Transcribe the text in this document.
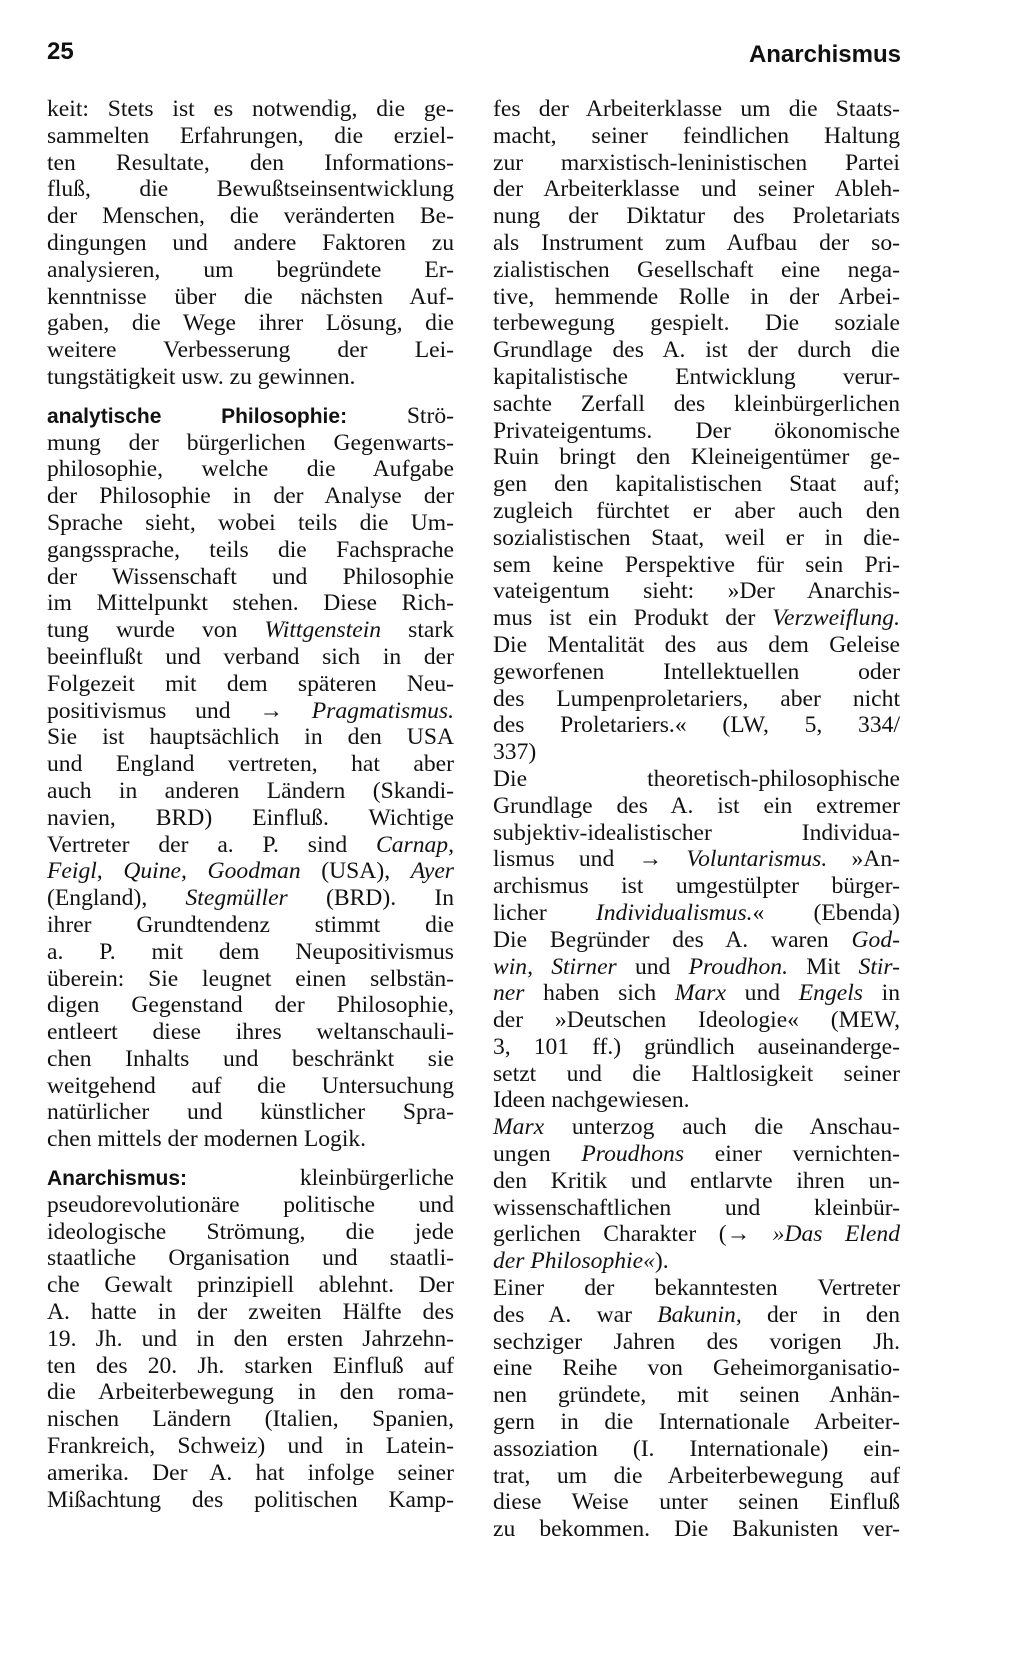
25	Anarchismus
keit: Stets ist es notwendig, die ge-
sammelten Erfahrungen, die erziel-
ten Resultate, den Informations-
fluß, die Bewußtseinsentwicklung
der Menschen, die veränderten Be-
dingungen und andere Faktoren zu
analysieren, um begründete Er-
kenntnisse über die nächsten Auf-
gaben, die Wege ihrer Lösung, die
weitere Verbesserung der Lei-
tungstätigkeit usw. zu gewinnen.
analytische Philosophie: Strö-
mung der bürgerlichen Gegenwarts-
philosophie, welche die Aufgabe
der Philosophie in der Analyse der
Sprache sieht, wobei teils die Um-
gangssprache, teils die Fachsprache
der Wissenschaft und Philosophie
im Mittelpunkt stehen. Diese Rich-
tung wurde von Wittgenstein stark
beeinflußt und verband sich in der
Folgezeit mit dem späteren Neu-
positivismus und → Pragmatismus.
Sie ist hauptsächlich in den USA
und England vertreten, hat aber
auch in anderen Ländern (Skandi-
navien, BRD) Einfluß. Wichtige
Vertreter der a. P. sind Carnap,
Feigl, Quine, Goodman (USA), Ayer
(England), Stegmüller (BRD). In
ihrer Grundtendenz stimmt die
a. P. mit dem Neupositivismus
überein: Sie leugnet einen selbstän-
digen Gegenstand der Philosophie,
entleert diese ihres weltanschauli-
chen Inhalts und beschränkt sie
weitgehend auf die Untersuchung
natürlicher und künstlicher Spra-
chen mittels der modernen Logik.
Anarchismus: kleinbürgerliche
pseudorevolutionäre politische und
ideologische Strömung, die jede
staatliche Organisation und staatli-
che Gewalt prinzipiell ablehnt. Der
A. hatte in der zweiten Hälfte des
19. Jh. und in den ersten Jahrzehn-
ten des 20. Jh. starken Einfluß auf
die Arbeiterbewegung in den roma-
nischen Ländern (Italien, Spanien,
Frankreich, Schweiz) und in Latein-
amerika. Der A. hat infolge seiner
Mißachtung des politischen Kamp-
fes der Arbeiterklasse um die Staats-
macht, seiner feindlichen Haltung
zur marxistisch-leninistischen Partei
der Arbeiterklasse und seiner Ableh-
nung der Diktatur des Proletariats
als Instrument zum Aufbau der so-
zialistischen Gesellschaft eine nega-
tive, hemmende Rolle in der Arbei-
terbewegung gespielt. Die soziale
Grundlage des A. ist der durch die
kapitalistische Entwicklung verur-
sachte Zerfall des kleinbürgerlichen
Privateigentums. Der ökonomische
Ruin bringt den Kleineigentümer ge-
gen den kapitalistischen Staat auf;
zugleich fürchtet er aber auch den
sozialistischen Staat, weil er in die-
sem keine Perspektive für sein Pri-
vateigentum sieht: »Der Anarchis-
mus ist ein Produkt der Verzweiflung.
Die Mentalität des aus dem Geleise
geworfenen Intellektuellen oder
des Lumpenproletariers, aber nicht
des Proletariers.« (LW, 5, 334/
337)
Die theoretisch-philosophische
Grundlage des A. ist ein extremer
subjektiv-idealistischer Individua-
lismus und → Voluntarismus. »An-
archismus ist umgestülpter bürger-
licher Individualismus.« (Ebenda)
Die Begründer des A. waren God-
win, Stirner und Proudhon. Mit Stir-
ner haben sich Marx und Engels in
der »Deutschen Ideologie« (MEW,
3, 101 ff.) gründlich auseinanderge-
setzt und die Haltlosigkeit seiner
Ideen nachgewiesen.
Marx unterzog auch die Anschau-
ungen Proudhons einer vernichten-
den Kritik und entlarvte ihren un-
wissenschaftlichen und kleinbür-
gerlichen Charakter (→ »Das Elend
der Philosophie«).
Einer der bekanntesten Vertreter
des A. war Bakunin, der in den
sechziger Jahren des vorigen Jh.
eine Reihe von Geheimorganisatio-
nen gründete, mit seinen Anhän-
gern in die Internationale Arbeiter-
assoziation (I. Internationale) ein-
trat, um die Arbeiterbewegung auf
diese Weise unter seinen Einfluß
zu bekommen. Die Bakunisten ver-
